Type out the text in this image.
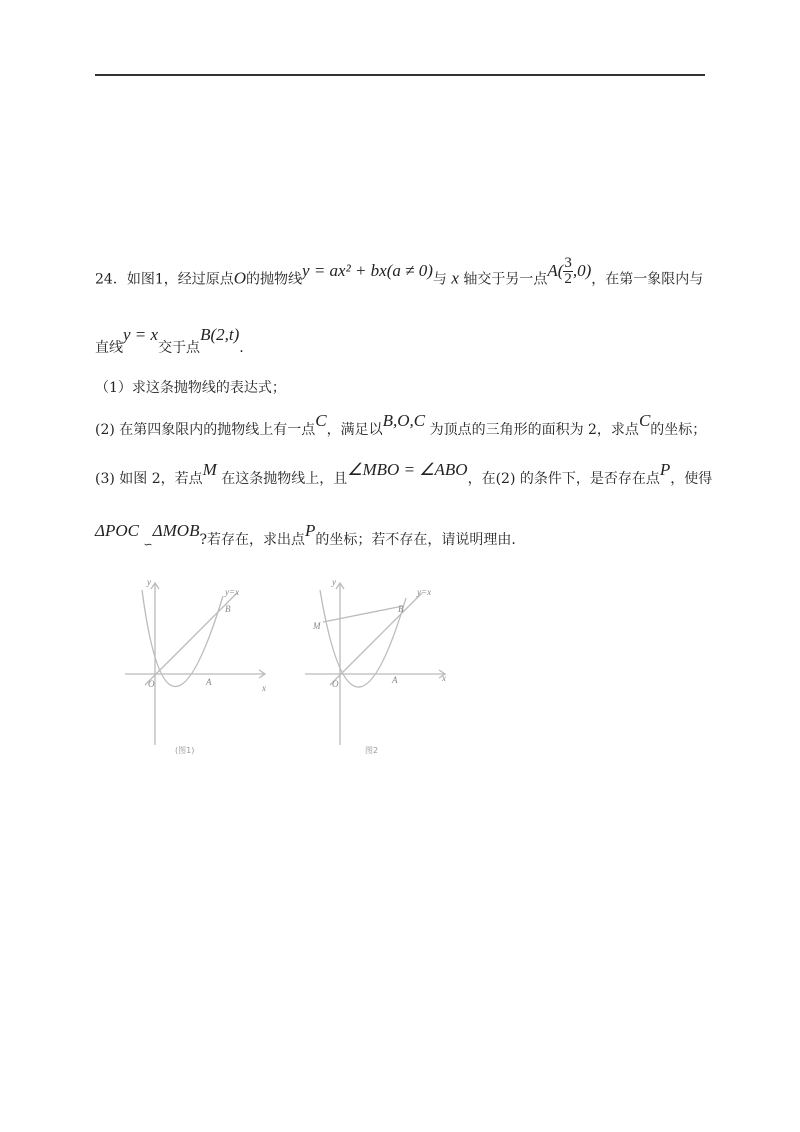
24．如图1，经过原点O的抛物线y = ax² + bx(a ≠ 0)与 x 轴交于另一点$A( \frac{3}{2} ,0)$，在第一象限内与
直线y = x交于点B(2,t).
（1）求这条抛物线的表达式；
(2) 在第四象限内的抛物线上有一点C，满足以B,O,C 为顶点的三角形的面积为 2，求点C的坐标；
(3) 如图 2，若点M 在这条抛物线上，且∠MBO = ∠ABO，在(2) 的条件下，是否存在点P，使得
ΔPOC $_∽$ΔMOB?若存在，求出点P的坐标；若不存在，请说明理由.
y
x
B
A
O
y=x
(图1)
y
x
B
A
O
M
y=x
图2
